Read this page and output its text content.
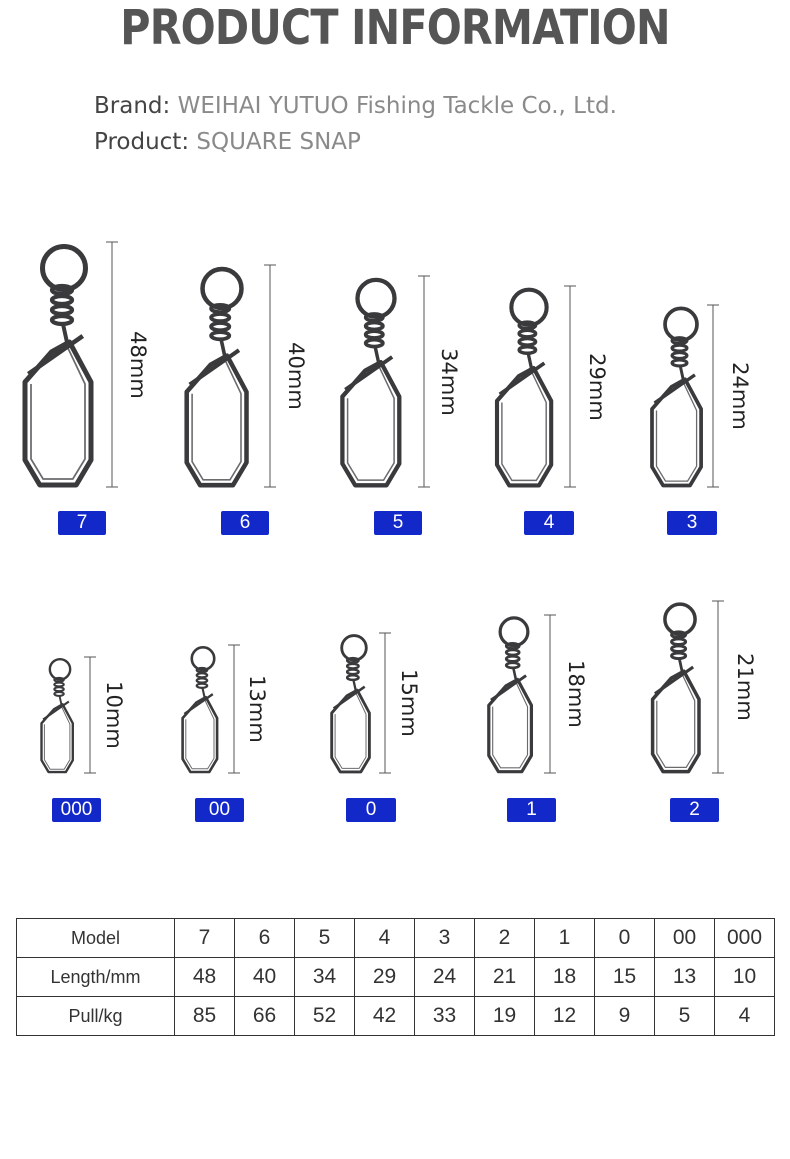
PRODUCT INFORMATION
Brand: WEIHAI YUTUO Fishing Tackle Co., Ltd.
Product: SQUARE SNAP
48mm
7
40mm
6
34mm
5
29mm
4
24mm
3
10mm
000
13mm
00
15mm
0
18mm
1
21mm
2
Model	7	6	5	4	3	2	1	0	00	000
Length/mm	48	40	34	29	24	21	18	15	13	10
Pull/kg	85	66	52	42	33	19	12	9	5	4
